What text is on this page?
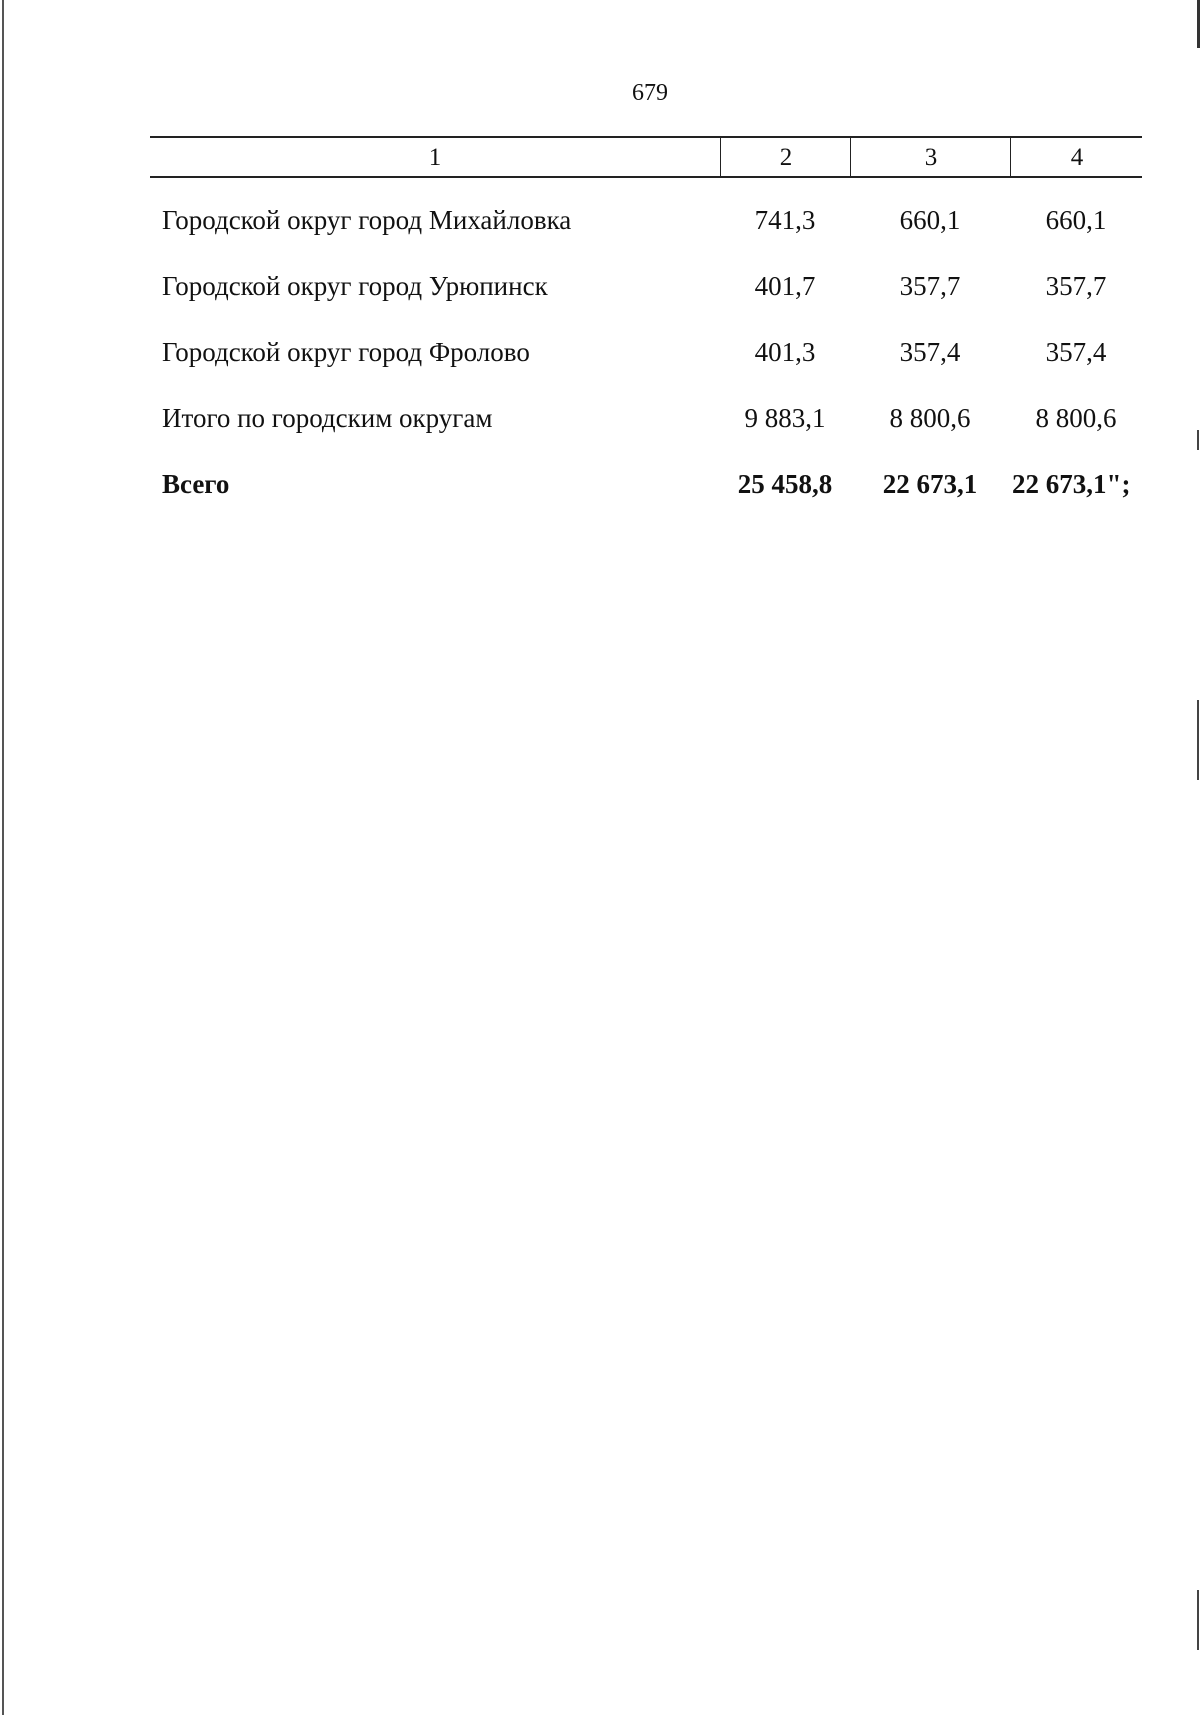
679
1	2	3	4
Городской округ город Михайловка	741,3	660,1	660,1
Городской округ город Урюпинск	401,7	357,7	357,7
Городской округ город Фролово	401,3	357,4	357,4
Итого по городским округам	9 883,1	8 800,6	8 800,6
Всего	25 458,8	22 673,1	22 673,1";
